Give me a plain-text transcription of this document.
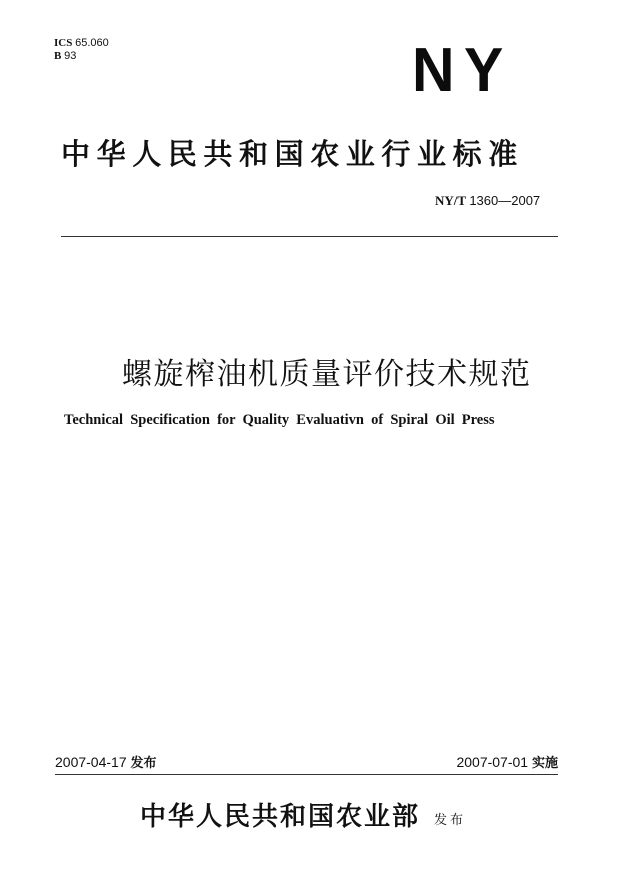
ICS 65.060
B 93	NY
中华人民共和国农业行业标准
NY/T 1360—2007
螺旋榨油机质量评价技术规范
Technical Specification for Quality Evaluativn of Spiral Oil Press
2007-04-17 发布	2007-07-01 实施
中华人民共和国农业部 发布
